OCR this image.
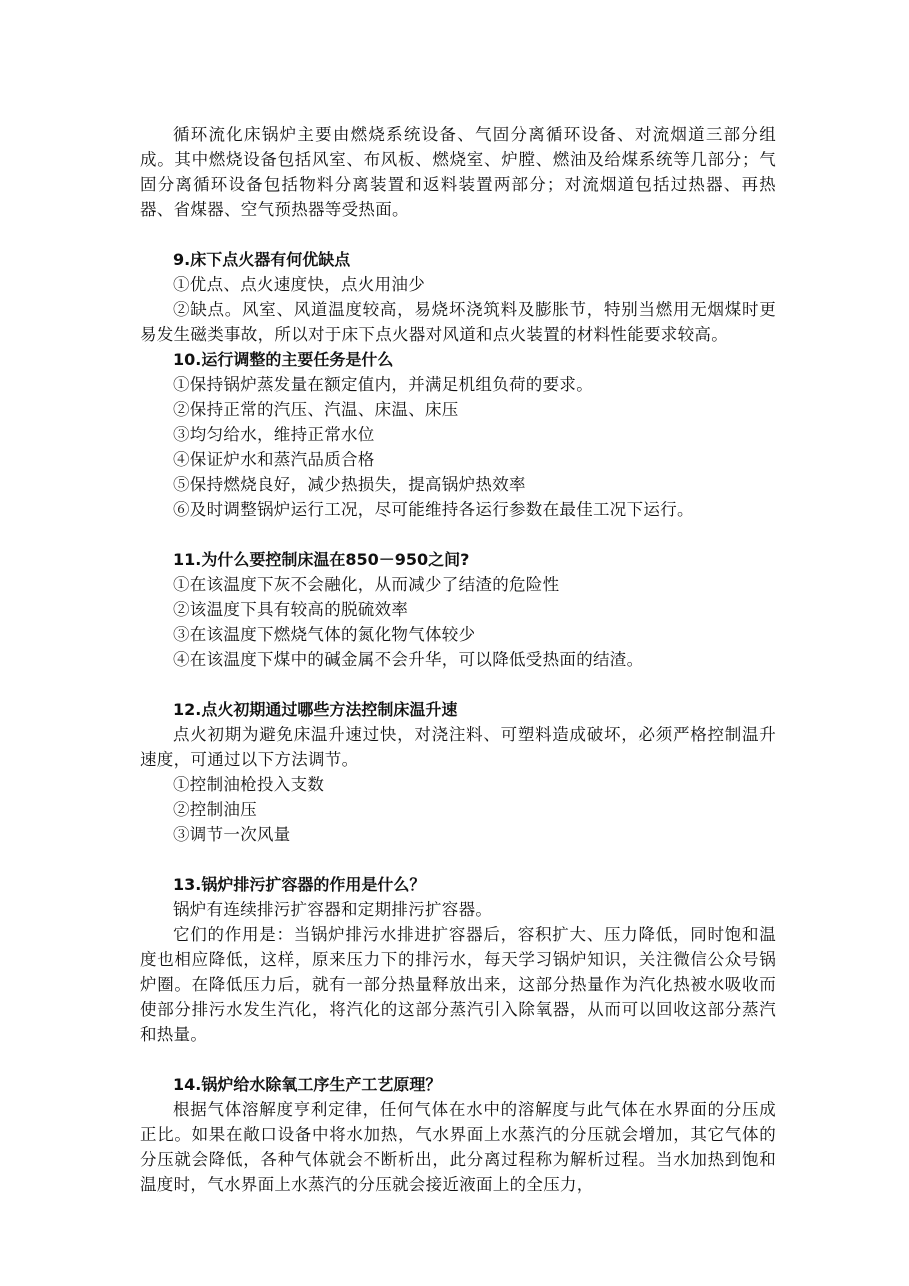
循环流化床锅炉主要由燃烧系统设备、气固分离循环设备、对流烟道三部分组成。其中燃烧设备包括风室、布风板、燃烧室、炉膛、燃油及给煤系统等几部分；气固分离循环设备包括物料分离装置和返料装置两部分；对流烟道包括过热器、再热器、省煤器、空气预热器等受热面。

9.床下点火器有何优缺点

①优点、点火速度快，点火用油少

②缺点。风室、风道温度较高，易烧坏浇筑料及膨胀节，特别当燃用无烟煤时更易发生磁类事故，所以对于床下点火器对风道和点火装置的材料性能要求较高。

10.运行调整的主要任务是什么

①保持锅炉蒸发量在额定值内，并满足机组负荷的要求。

②保持正常的汽压、汽温、床温、床压

③均匀给水，维持正常水位

④保证炉水和蒸汽品质合格

⑤保持燃烧良好，减少热损失，提高锅炉热效率

⑥及时调整锅炉运行工况，尽可能维持各运行参数在最佳工况下运行。

11.为什么要控制床温在850－950之间?

①在该温度下灰不会融化，从而减少了结渣的危险性

②该温度下具有较高的脱硫效率

③在该温度下燃烧气体的氮化物气体较少

④在该温度下煤中的碱金属不会升华，可以降低受热面的结渣。

12.点火初期通过哪些方法控制床温升速

点火初期为避免床温升速过快，对浇注料、可塑料造成破坏，必须严格控制温升速度，可通过以下方法调节。

①控制油枪投入支数

②控制油压

③调节一次风量

13.锅炉排污扩容器的作用是什么？

锅炉有连续排污扩容器和定期排污扩容器。

它们的作用是：当锅炉排污水排进扩容器后，容积扩大、压力降低，同时饱和温度也相应降低，这样，原来压力下的排污水，每天学习锅炉知识，关注微信公众号锅炉圈。在降低压力后，就有一部分热量释放出来，这部分热量作为汽化热被水吸收而使部分排污水发生汽化，将汽化的这部分蒸汽引入除氧器，从而可以回收这部分蒸汽和热量。

14.锅炉给水除氧工序生产工艺原理？

根据气体溶解度亨利定律，任何气体在水中的溶解度与此气体在水界面的分压成正比。如果在敞口设备中将水加热，气水界面上水蒸汽的分压就会增加，其它气体的分压就会降低，各种气体就会不断析出，此分离过程称为解析过程。当水加热到饱和温度时，气水界面上水蒸汽的分压就会接近液面上的全压力，
